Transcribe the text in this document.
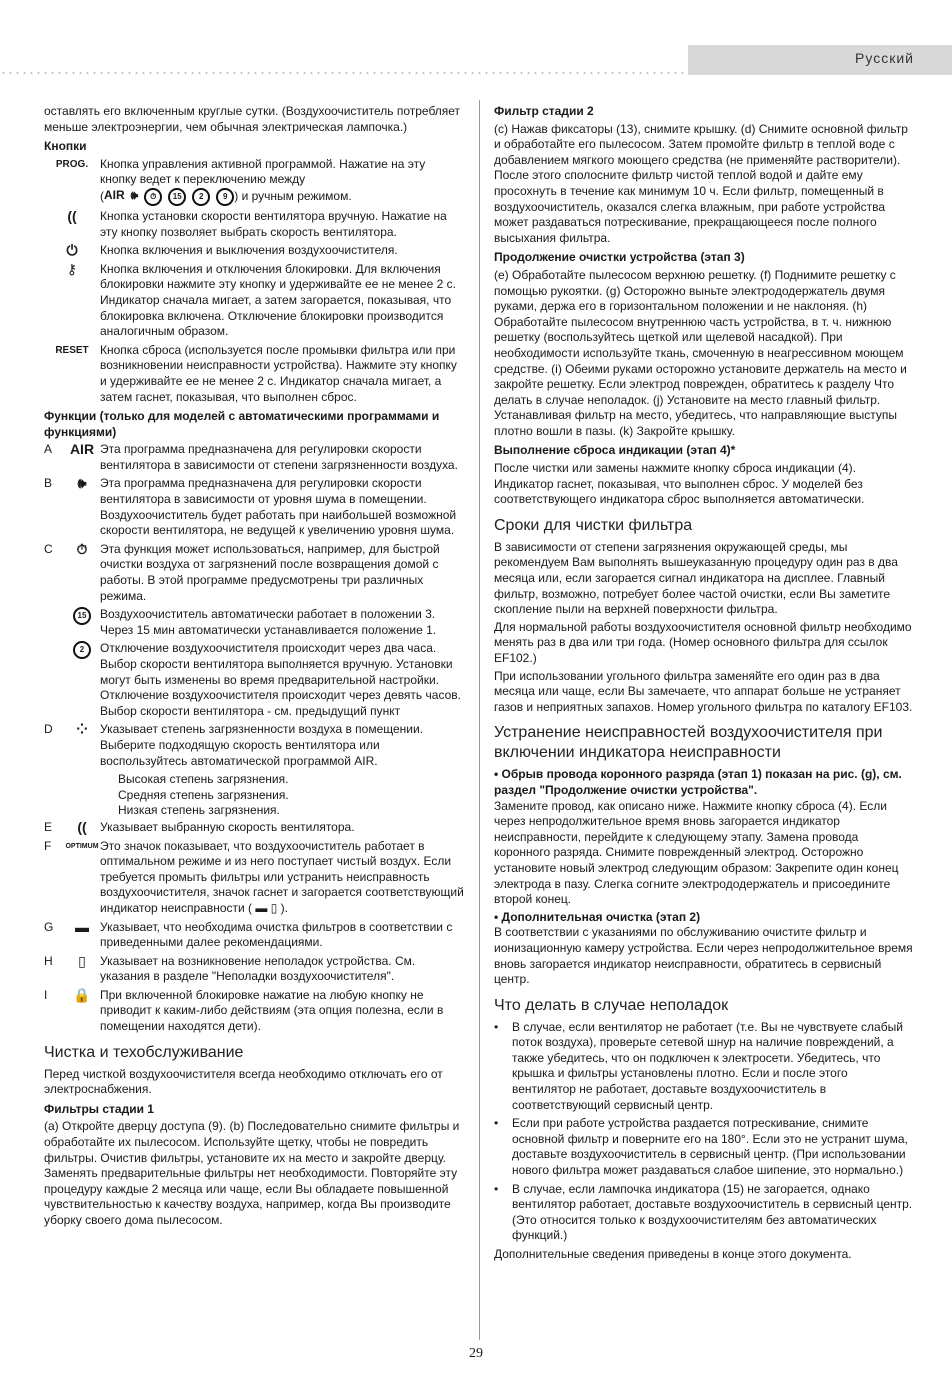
Русский

оставлять его включенным круглые сутки. (Воздухоочиститель потребляет меньше электроэнергии, чем обычная электрическая лампочка.)

Кнопки
PROG. Кнопка управления активной программой. Нажатие на эту кнопку ведет к переключению между
( AIR 🕪	⏱	15	2	9 ) и ручным режимом.
((	Кнопка установки скорости вентилятора вручную. Нажатие на эту кнопку позволяет выбрать скорость вентилятора.
⏻	Кнопка включения и выключения воздухоочистителя.
⚷	Кнопка включения и отключения блокировки. Для включения блокировки нажмите эту кнопку и удерживайте ее не менее 2 с. Индикатор сначала мигает, а затем загорается, показывая, что блокировка включена. Отключение блокировки производится аналогичным образом.
RESET Кнопка сброса (используется после промывки фильтра или при возникновении неисправности устройства). Нажмите эту кнопку и удерживайте ее не менее 2 с. Индикатор сначала мигает, а затем гаснет, показывая, что выполнен сброс.
Функции (только для моделей с автоматическими программами и функциями)
A	AIR Эта программа предназначена для регулировки скорости вентилятора в зависимости от степени загрязненности воздуха.
B	🕪	Эта программа предназначена для регулировки скорости вентилятора в зависимости от уровня шума в помещении. Воздухоочиститель будет работать при наибольшей возможной скорости вентилятора, не ведущей к увеличению уровня шума.
C	⏱	Эта функция может использоваться, например, для быстрой очистки воздуха от загрязнений после возвращения домой с работы. В этой программе предусмотрены три различных режима.
15	Воздухоочиститель автоматически работает в положении 3. Через 15 мин автоматически устанавливается положение 1.
2	Отключение воздухоочистителя происходит через два часа. Выбор скорости вентилятора выполняется вручную. Установки могут быть изменены во время предварительной настройки. Отключение воздухоочистителя происходит через девять часов. Выбор скорости вентилятора - см. предыдущий пункт
D	⁘	Указывает степень загрязненности воздуха в помещении. Выберите подходящую скорость вентилятора или воспользуйтесь автоматической программой AIR.
Высокая степень загрязнения.
Средняя степень загрязнения.
Низкая степень загрязнения.
E	((	Указывает выбранную скорость вентилятора.
F	OPTIMUM Это значок показывает, что воздухоочиститель работает в оптимальном режиме и из него поступает чистый воздух. Если требуется промыть фильтры или устранить неисправность воздухоочистителя, значок гаснет и загорается соответствующий индикатор неисправности ( ▬ ▯ ).
G	▬ Указывает, что необходима очистка фильтров в соответствии с приведенными далее рекомендациями.
H	▯	Указывает на возникновение неполадок устройства. См. указания в разделе "Неполадки воздухоочистителя".
I	🔒 При включенной блокировке нажатие на любую кнопку не приводит к каким-либо действиям (эта опция полезна, если в помещении находятся дети).
Чистка и техобслуживание

Перед чисткой воздухоочистителя всегда необходимо отключать его от электроснабжения.

Фильтры стадии 1

(a) Откройте дверцу доступа (9). (b) Последовательно снимите фильтры и обработайте их пылесосом. Используйте щетку, чтобы не повредить фильтры. Очистив фильтры, установите их на место и закройте дверцу. Заменять предварительные фильтры нет необходимости. Повторяйте эту процедуру каждые 2 месяца или чаще, если Вы обладаете повышенной чувствительностью к качеству воздуха, например, когда Вы производите уборку своего дома пылесосом.

Фильтр стадии 2

(c) Нажав фиксаторы (13), снимите крышку. (d) Снимите основной фильтр и обработайте его пылесосом. Затем промойте фильтр в теплой воде с добавлением мягкого моющего средства (не применяйте растворители). После этого сполосните фильтр чистой теплой водой и дайте ему просохнуть в течение как минимум 10 ч. Если фильтр, помещенный в воздухоочиститель, оказался слегка влажным, при работе устройства может раздаваться потрескивание, прекращающееся после полного высыхания фильтра.

Продолжение очистки устройства (этап 3)

(e) Обработайте пылесосом верхнюю решетку. (f) Поднимите решетку с помощью рукоятки. (g) Осторожно выньте электрододержатель двумя руками, держа его в горизонтальном положении и не наклоняя. (h) Обработайте пылесосом внутреннюю часть устройства, в т. ч. нижнюю решетку (воспользуйтесь щеткой или щелевой насадкой). При необходимости используйте ткань, смоченную в неагрессивном моющем средстве. (i) Обеими руками осторожно установите держатель на место и закройте решетку. Если электрод поврежден, обратитесь к разделу Что делать в случае неполадок. (j) Установите на место главный фильтр. Устанавливая фильтр на место, убедитесь, что направляющие выступы плотно вошли в пазы. (k) Закройте крышку.

Выполнение сброса индикации (этап 4)*

После чистки или замены нажмите кнопку сброса индикации (4). Индикатор гаснет, показывая, что выполнен сброс. У моделей без соответствующего индикатора сброс выполняется автоматически.

Сроки для чистки фильтра

В зависимости от степени загрязнения окружающей среды, мы рекомендуем Вам выполнять вышеуказанную процедуру один раз в два месяца или, если загорается сигнал индикатора на дисплее. Главный фильтр, возможно, потребует более частой очистки, если Вы заметите скопление пыли на верхней поверхности фильтра.

Для нормальной работы воздухоочистителя основной фильтр необходимо менять раз в два или три года. (Номер основного фильтра для ссылок EF102.)

При использовании угольного фильтра заменяйте его один раз в два месяца или чаще, если Вы замечаете, что аппарат больше не устраняет газов и неприятных запахов. Номер угольного фильтра по каталогу EF103.

Устранение неисправностей воздухоочистителя при включении индикатора неисправности
• Обрыв провода коронного разряда (этап 1) показан на рис. (g), см. раздел "Продолжение очистки устройства".

Замените провод, как описано ниже. Нажмите кнопку сброса (4). Если через непродолжительное время вновь загорается индикатор неисправности, перейдите к следующему этапу. Замена провода коронного разряда. Снимите поврежденный электрод. Осторожно установите новый электрод следующим образом: Закрепите один конец электрода в пазу. Слегка согните электрододержатель и присоедините второй конец.

• Дополнительная очистка (этап 2)

В соответствии с указаниями по обслуживанию очистите фильтр и ионизационную камеру устройства. Если через непродолжительное время вновь загорается индикатор неисправности, обратитесь в сервисный центр.

Что делать в случае неполадок
•	В случае, если вентилятор не работает (т.е. Вы не чувствуете слабый поток воздуха), проверьте сетевой шнур на наличие повреждений, а также убедитесь, что он подключен к электросети. Убедитесь, что крышка и фильтры установлены плотно. Если и после этого вентилятор не работает, доставьте воздухоочиститель в соответствующий сервисный центр.
•	Если при работе устройства раздается потрескивание, снимите основной фильтр и поверните его на 180°. Если это не устранит шума, доставьте воздухоочиститель в сервисный центр. (При использовании нового фильтра может раздаваться слабое шипение, это нормально.)
•	В случае, если лампочка индикатора (15) не загорается, однако вентилятор работает, доставьте воздухоочиститель в сервисный центр. (Это относится только к воздухоочистителям без автоматических функций.)

Дополнительные сведения приведены в конце этого документа.

29
